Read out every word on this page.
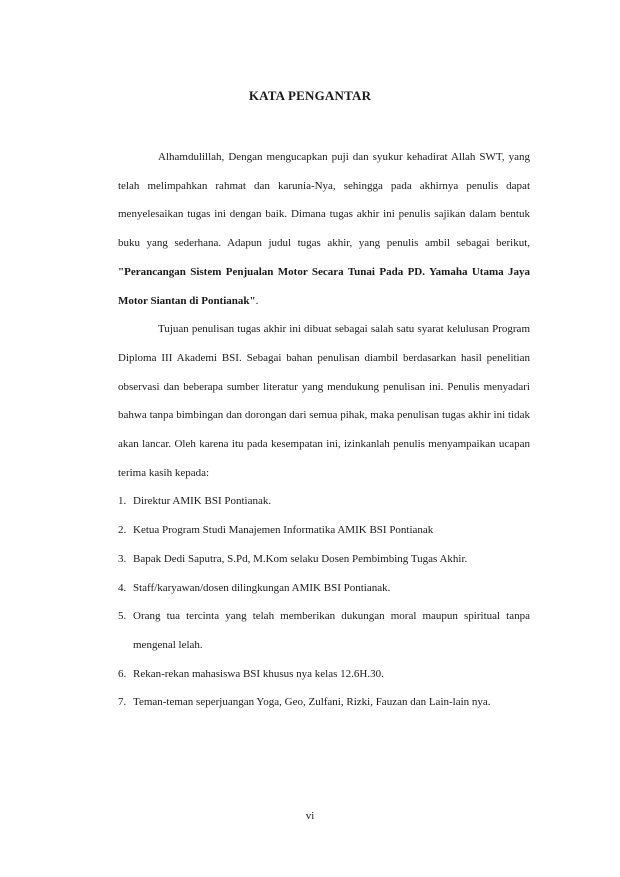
KATA PENGANTAR

Alhamdulillah, Dengan mengucapkan puji dan syukur kehadirat Allah SWT, yang telah melimpahkan rahmat dan karunia-Nya, sehingga pada akhirnya penulis dapat menyelesaikan tugas ini dengan baik. Dimana tugas akhir ini penulis sajikan dalam bentuk buku yang sederhana. Adapun judul tugas akhir, yang penulis ambil sebagai berikut, "Perancangan Sistem Penjualan Motor Secara Tunai Pada PD. Yamaha Utama Jaya Motor Siantan di Pontianak".

Tujuan penulisan tugas akhir ini dibuat sebagai salah satu syarat kelulusan Program Diploma III Akademi BSI. Sebagai bahan penulisan diambil berdasarkan hasil penelitian observasi dan beberapa sumber literatur yang mendukung penulisan ini. Penulis menyadari bahwa tanpa bimbingan dan dorongan dari semua pihak, maka penulisan tugas akhir ini tidak akan lancar. Oleh karena itu pada kesempatan ini, izinkanlah penulis menyampaikan ucapan terima kasih kepada:

1. Direktur AMIK BSI Pontianak.
2. Ketua Program Studi Manajemen Informatika AMIK BSI Pontianak
3. Bapak Dedi Saputra, S.Pd, M.Kom selaku Dosen Pembimbing Tugas Akhir.
4. Staff/karyawan/dosen dilingkungan AMIK BSI Pontianak.
5. Orang tua tercinta yang telah memberikan dukungan moral maupun spiritual tanpa mengenal lelah.
6. Rekan-rekan mahasiswa BSI khusus nya kelas 12.6H.30.
7. Teman-teman seperjuangan Yoga, Geo, Zulfani, Rizki, Fauzan dan Lain-lain nya.
vi
